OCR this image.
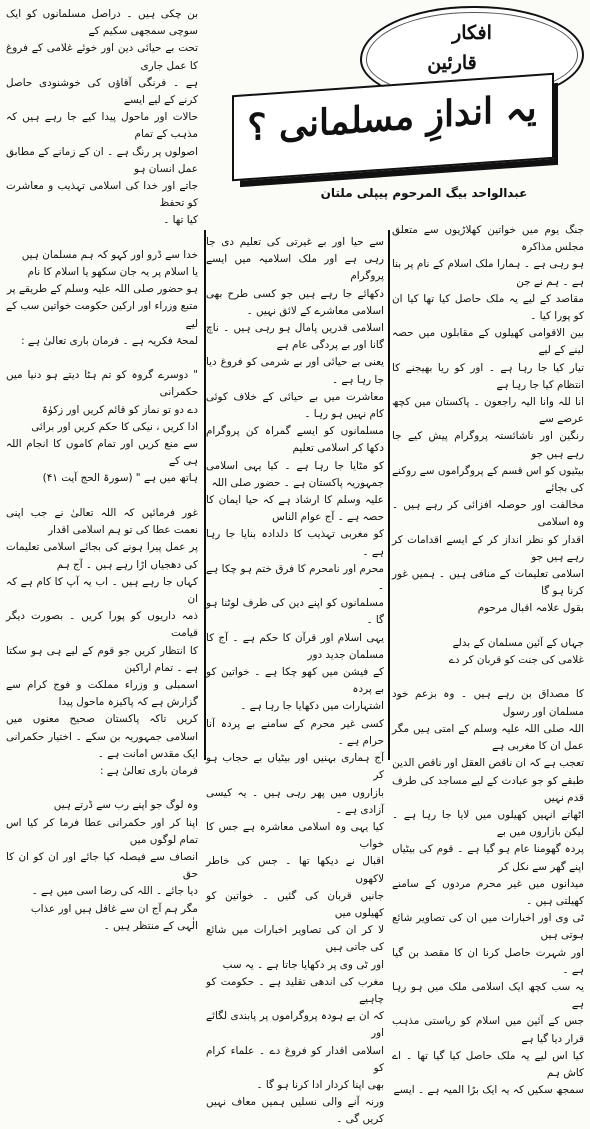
بن چکی ہیں ۔ دراصل مسلمانوں کو ایک سوچی سمجھی سکیم کے
تحت بے حیائی دین اور خوئے غلامی کے فروغ کا عمل جاری
ہے ۔ فرنگی آقاؤں کی خوشنودی حاصل کرنے کے لیے ایسے
حالات اور ماحول پیدا کیے جا رہے ہیں کہ مذہب کے تمام
اصولوں پر رنگ ہے ۔ ان کے زمانے کے مطابق عمل انسان ہو
جاتے اور خدا کی اسلامی تہذیب و معاشرت کو تحفظ
کیا تھا ۔

خدا سے ڈرو اور کہو کہ ہم مسلمان ہیں
یا اسلام پر یہ جان سکھو یا اسلام کا نام
ہو حضور صلی اللہ علیہ وسلم کے طریقے پر
متبع وزراء اور ارکین حکومت خواتین سب کے لیے
لمحۂ فکریہ ہے ۔ فرمان باری تعالیٰ ہے :

" دوسرے گروہ کو تم ہٹا دیتے ہو دنیا میں حکمرانی
دے دو تو نماز کو قائم کریں اور زکوٰۃ
ادا کریں ، نیکی کا حکم کریں اور برائی
سے منع کریں اور تمام کاموں کا انجام اللہ ہی کے
ہاتھ میں ہے " (سورۃ الحج آیت ۴۱)

غور فرمائیں کہ اللہ تعالیٰ نے جب اپنی نعمت عطا کی تو ہم اسلامی اقدار
پر عمل پیرا ہونے کی بجائے اسلامی تعلیمات کی دھجیاں اڑا رہے ہیں ۔ آج ہم
کہاں جا رہے ہیں ۔ اب یہ آپ کا کام ہے کہ ان
ذمہ داریوں کو پورا کریں ۔ بصورت دیگر قیامت
کا انتظار کریں جو قوم کے لیے ہی ہو سکتا ہے ۔ تمام اراکین
اسمبلی و وزراء مملکت و فوج کرام سے گزارش ہے کہ پاکیزہ ماحول پیدا
کریں تاکہ پاکستان صحیح معنوں میں اسلامی جمہوریہ بن سکے ۔ اختیار حکمرانی ایک مقدس امانت ہے ۔
فرمان باری تعالیٰ ہے :

وہ لوگ جو اپنے رب سے ڈرتے ہیں
اپنا کر اور حکمرانی عطا فرما کر کیا اس تمام لوگوں میں
انصاف سے فیصلہ کیا جائے اور ان کو ان کا حق
دیا جائے ۔ اللہ کی رضا اسی میں ہے ۔
مگر ہم آج ان سے غافل ہیں اور عذاب
الٰہی کے منتظر ہیں ۔
افکار
قارئین
یہ اندازِ مسلمانی ؟
عبدالواحد بیگ المرحوم پیپلی ملتان
سے حیا اور بے غیرتی کی تعلیم دی جا رہی ہے اور ملک اسلامیہ میں ایسے پروگرام
دکھائے جا رہے ہیں جو کسی طرح بھی اسلامی معاشرے کے لائق نہیں ۔
اسلامی قدریں پامال ہو رہی ہیں ۔ ناچ گانا اور بے پردگی عام ہے
یعنی بے حیائی اور بے شرمی کو فروغ دیا جا رہا ہے ۔
معاشرت میں بے حیائی کے خلاف کوئی کام نہیں ہو رہا ۔
مسلمانوں کو ایسے گمراہ کن پروگرام دکھا کر اسلامی تعلیم
کو مٹایا جا رہا ہے ۔ کیا یہی اسلامی جمہوریہ پاکستان ہے ۔ حضور صلی اللہ
علیہ وسلم کا ارشاد ہے کہ حیا ایمان کا حصہ ہے ۔ آج عوام الناس
کو مغربی تہذیب کا دلدادہ بنایا جا رہا ہے ۔
محرم اور نامحرم کا فرق ختم ہو چکا ہے ۔
مسلمانوں کو اپنے دین کی طرف لوٹنا ہو گا ۔
یہی اسلام اور قرآن کا حکم ہے ۔ آج کا مسلمان جدید دور
کے فیشن میں کھو چکا ہے ۔ خواتین کو بے پردہ
اشتہارات میں دکھایا جا رہا ہے ۔
کسی غیر محرم کے سامنے بے پردہ آنا حرام ہے ۔
آج ہماری بہنیں اور بیٹیاں بے حجاب ہو کر
بازاروں میں پھر رہی ہیں ۔ یہ کیسی آزادی ہے ۔
کیا یہی وہ اسلامی معاشرہ ہے جس کا خواب
اقبال نے دیکھا تھا ۔ جس کی خاطر لاکھوں
جانیں قربان کی گئیں ۔ خواتین کو کھیلوں میں
لا کر ان کی تصاویر اخبارات میں شائع کی جاتی ہیں
اور ٹی وی پر دکھایا جاتا ہے ۔ یہ سب
مغرب کی اندھی تقلید ہے ۔ حکومت کو چاہیے
کہ ان بے ہودہ پروگراموں پر پابندی لگائے اور
اسلامی اقدار کو فروغ دے ۔ علماء کرام کو
بھی اپنا کردار ادا کرنا ہو گا ۔
ورنہ آنے والی نسلیں ہمیں معاف نہیں کریں گی ۔
جنگ یوم میں خواتین کھلاڑیوں سے متعلق مجلس مذاکرہ
ہو رہی ہے ۔ ہمارا ملک اسلام کے نام پر بنا ہے ۔ ہم نے جن
مقاصد کے لیے یہ ملک حاصل کیا تھا کیا ان کو پورا کیا ۔
بین الاقوامی کھیلوں کے مقابلوں میں حصہ لینے کے لیے
تیار کیا جا رہا ہے ۔ اور کو ریا بھیجنے کا انتظام کیا جا رہا ہے
انا للہ وانا الیہ راجعون ۔ پاکستان میں کچھ عرصے سے
رنگین اور ناشائستہ پروگرام پیش کیے جا رہے ہیں جو
بیٹیوں کو اس قسم کے پروگراموں سے روکنے کی بجائے
مخالفت اور حوصلہ افزائی کر رہے ہیں ۔ وہ اسلامی
اقدار کو نظر انداز کر کے ایسے اقدامات کر رہے ہیں جو
اسلامی تعلیمات کے منافی ہیں ۔ ہمیں غور کرنا ہو گا
بقول علامہ اقبال مرحوم

جہاں کے آئین مسلمان کے بدلے
غلامی کی جنت کو قربان کر دے

کا مصداق بن رہے ہیں ۔ وہ بزعم خود مسلمان اور رسول
اللہ صلی اللہ علیہ وسلم کے امتی ہیں مگر عمل ان کا مغربی ہے
تعجب ہے کہ ان ناقص العقل اور ناقص الدین
طبقے کو جو عبادت کے لیے مساجد کی طرف قدم نہیں
اٹھاتے انہیں کھیلوں میں لایا جا رہا ہے ۔ لیکن بازاروں میں بے
پردہ گھومنا عام ہو گیا ہے ۔ قوم کی بیٹیاں اپنے گھر سے نکل کر
میدانوں میں غیر محرم مردوں کے سامنے کھیلتی ہیں ۔
ٹی وی اور اخبارات میں ان کی تصاویر شائع ہوتی ہیں
اور شہرت حاصل کرنا ان کا مقصد بن گیا ہے ۔
یہ سب کچھ ایک اسلامی ملک میں ہو رہا ہے
جس کے آئین میں اسلام کو ریاستی مذہب قرار دیا گیا ہے
کیا اس لیے یہ ملک حاصل کیا گیا تھا ۔ اے کاش ہم
سمجھ سکیں کہ یہ ایک بڑا المیہ ہے ۔ ایسے
